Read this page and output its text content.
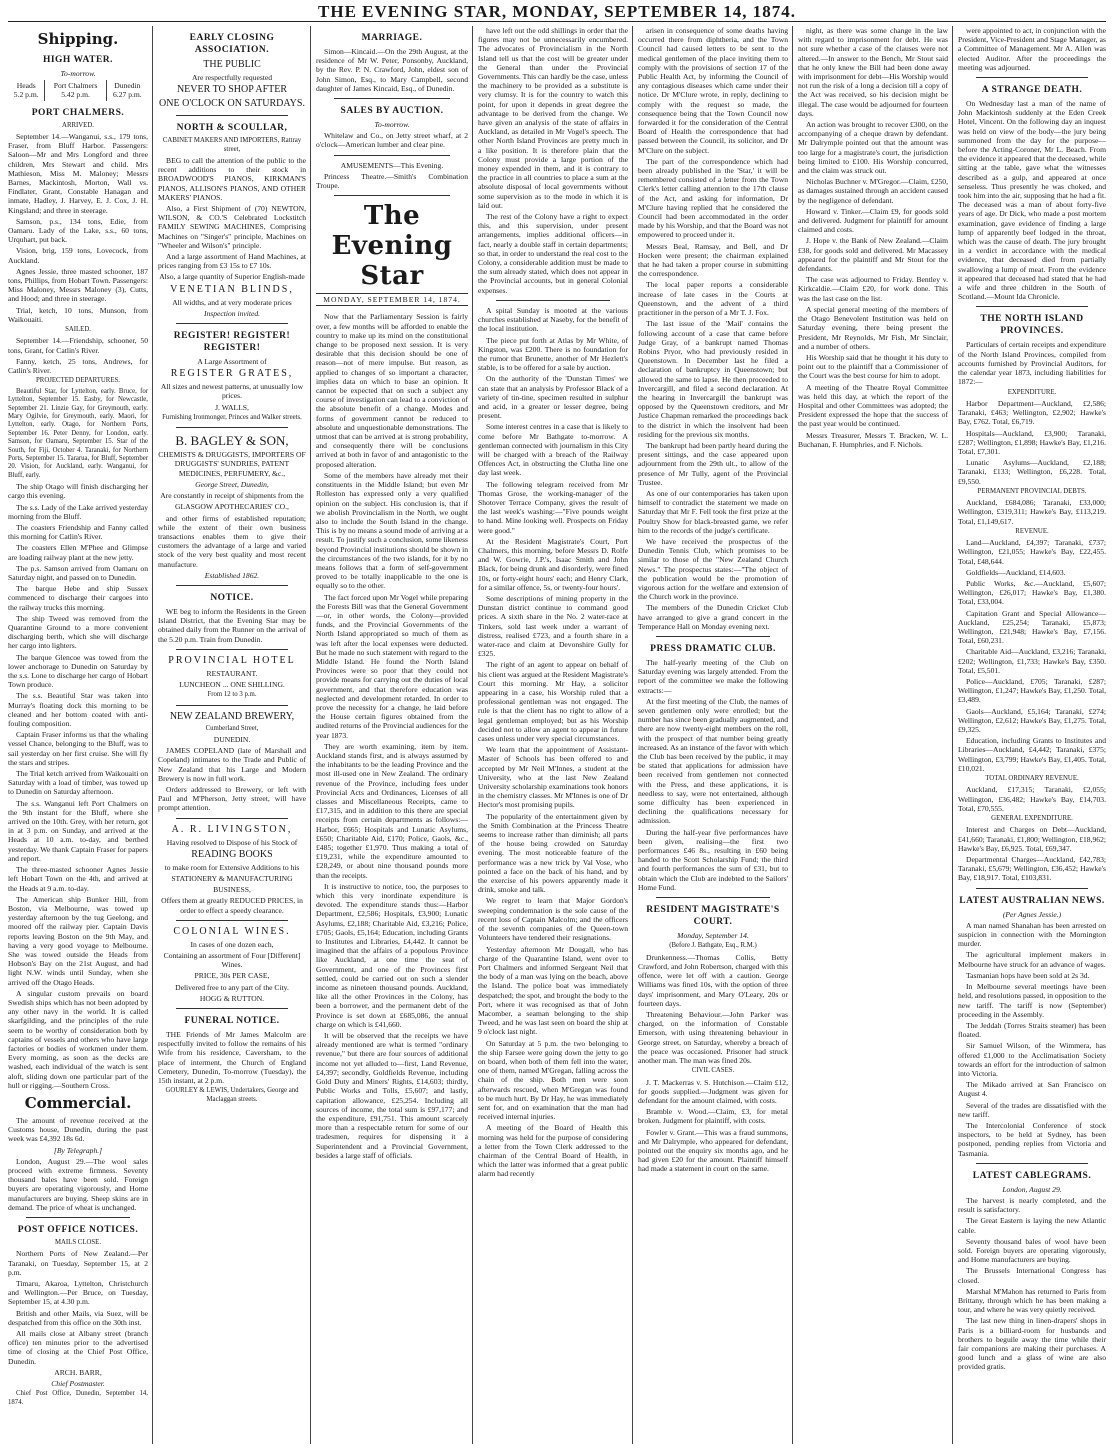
THE EVENING STAR, MONDAY, SEPTEMBER 14, 1874.

Shipping.

HIGH WATER.

To-morrow.

Heads
5.2 p.m.	Port Chalmers
5.42 p.m.	Dunedin
6.27 p.m.

PORT CHALMERS.

ARRIVED.

September 14.—Wanganui, s.s., 179 tons, Fraser, from Bluff Harbor. Passengers: Saloon—Mr and Mrs Longford and three children, Mrs Stewart and child. Mrs Mathieson, Miss M. Maloney; Messrs Barnes, Mackintosh, Morton, Wall vs. Findlater, Grant, Constable Hanagan and inmate, Hadley, J. Harvey, E. J. Cox, J. H. Kingsland; and three in steerage.

Samson, p.s., 134 tons, Edie, from Oamaru. Lady of the Lake, s.s., 60 tons, Urquhart, put back.

Vision, brig, 159 tons, Lovecock, from Auckland.

Agnes Jessie, three masted schooner, 187 tons, Phillips, from Hobart Town. Passengers: Miss Maloney, Messrs Maloney (3), Cutts, and Hood; and three in steerage.

Trial, ketch, 10 tons, Munson, from Waikouaiti.

SAILED.

September 14.—Friendship, schooner, 50 tons, Grant, for Catlin's River.

Fanny, ketch, 25 tons, Andrews, for Catlin's River.

PROJECTED DEPARTURES.

Beautiful Star, for Lyttelton, early. Bruce, for Lyttelton, September 15. Easby, for Newcastle, September 21. Linzie Gay, for Greymouth, early. Mary Ogilvie, for Greymouth, early. Maori, for Lyttelton, early. Otago, for Northern Ports, September 16. Peter Denny, for London, early. Samson, for Oamaru, September 15. Star of the South, for Fiji, October 4. Taranaki, for Northern Ports, September 15. Tararua, for Bluff, September 20. Vision, for Auckland, early. Wanganui, for Bluff, early.

The ship Otago will finish discharging her cargo this evening.

The s.s. Lady of the Lake arrived yesterday morning from the Bluff.

The coasters Friendship and Fanny called this morning for Catlin's River.

The coasters Ellen M'Phee and Glimpse are loading railway plant at the new jetty.

The p.s. Samson arrived from Oamaru on Saturday night, and passed on to Dunedin.

The barque Hebe and ship Sussex commenced to discharge their cargoes into the railway trucks this morning.

The ship Tweed was removed from the Quarantine Ground to a more convenient discharging berth, which she will discharge her cargo into lighters.

The barque Glencoe was towed from the lower anchorage to Dunedin on Saturday by the s.s. Lone to discharge her cargo of Hobart Town produce.

The s.s. Beautiful Star was taken into Murray's floating dock this morning to be cleaned and her bottom coated with anti-fouling composition.

Captain Fraser informs us that the whaling vessel Chance, belonging to the Bluff, was to sail yesterday on her first cruise. She will fly the stars and stripes.

The Trial ketch arrived from Waikouaiti on Saturday with a load of timber, was towed up to Dunedin on Saturday afternoon.

The s.s. Wanganui left Port Chalmers on the 9th instant for the Bluff, where she arrived on the 10th. Grey, with her return, got in at 3 p.m. on Sunday, and arrived at the Heads at 10 a.m. to-day, and berthed yesterday. We thank Captain Fraser for papers and report.

The three-masted schooner Agnes Jessie left Hobart Town on the 4th, and arrived at the Heads at 9 a.m. to-day.

The American ship Bunker Hill, from Boston, via Melbourne, was towed up yesterday afternoon by the tug Geelong, and moored off the railway pier. Captain Davis reports leaving Boston on the 9th May, and having a very good voyage to Melbourne. She was towed outside the Heads from Hobson's Bay on the 21st August, and had light N.W. winds until Sunday, when she arrived off the Otago Heads.

A singular custom prevails on board Swedish ships which has not been adopted by any other navy in the world. It is called skarfgilding, and the principles of the rule seem to be worthy of consideration both by captains of vessels and others who have large factories or bodies of workmen under them. Every morning, as soon as the decks are washed, each individual of the watch is sent aloft, sliding down one particular part of the hull or rigging.—Southern Cross.

Commercial.

The amount of revenue received at the Customs house, Dunedin, during the past week was £4,392 18s 6d.

[By Telegraph.]

London, August 29.—The wool sales proceed with extreme firmness. Seventy thousand bales have been sold. Foreign buyers are operating vigorously, and Home manufacturers are buying. Sheep skins are in demand. The price of wheat is unchanged.

POST OFFICE NOTICES.

MAILS CLOSE.

Northern Ports of New Zealand.—Per Taranaki, on Tuesday, September 15, at 2 p.m.

Timaru, Akaroa, Lyttelton, Christchurch and Wellington.—Per Bruce, on Tuesday, September 15, at 4.30 p.m.

British and other Mails, via Suez, will be despatched from this office on the 30th inst.

All mails close at Albany street (branch office) ten minutes prior to the advertised time of closing at the Chief Post Office, Dunedin.

ARCH. BARR,

Chief Postmaster.

Chief Post Office, Dunedin, September 14, 1874.

EARLY CLOSING ASSOCIATION.

THE PUBLIC

Are respectfully requested

NEVER TO SHOP AFTER

ONE O'CLOCK ON SATURDAYS.

NORTH & SCOULLAR,

CABINET MAKERS AND IMPORTERS, Rattray street,

BEG to call the attention of the public to the recent additions to their stock in BROADWOOD'S PIANOS, KIRKMAN'S PIANOS, ALLISON'S PIANOS, AND OTHER MAKERS' PIANOS.

Also, a First Shipment of (70) NEWTON, WILSON, & CO.'S Celebrated Lockstitch FAMILY SEWING MACHINES, Comprising Machines on "Singer's" principle, Machines on "Wheeler and Wilson's" principle.

And a large assortment of Hand Machines, at prices ranging from £3 15s to £7 10s.

Also, a large quantity of Superior English-made

VENETIAN BLINDS,

All widths, and at very moderate prices

Inspection invited.

REGISTER! REGISTER! REGISTER!

A Large Assortment of

REGISTER GRATES,

All sizes and newest patterns, at unusually low prices.

J. WALLS,

Furnishing Ironmonger, Princes and Walker streets.

B. BAGLEY & SON,

CHEMISTS & DRUGGISTS, IMPORTERS OF DRUGGISTS' SUNDRIES, PATENT MEDICINES, PERFUMERY, &c.,

George Street, Dunedin,

Are constantly in receipt of shipments from the

GLASGOW APOTHECARIES' CO.,

and other firms of established reputation; while the extent of their own business transactions enables them to give their customers the advantage of a large and varied stock of the very best quality and most recent manufacture.

Established 1862.

NOTICE.

WE beg to inform the Residents in the Green Island District, that the Evening Star may be obtained daily from the Runner on the arrival of the 5.20 p.m. Train from Dunedin.

PROVINCIAL HOTEL

RESTAURANT.

LUNCHEON ... ONE SHILLING.

From 12 to 3 p.m.

NEW ZEALAND BREWERY,

Cumberland Street,

DUNEDIN.

JAMES COPELAND (late of Marshall and Copeland) intimates to the Trade and Public of New Zealand that his Large and Modern Brewery is now in full work.

Orders addressed to Brewery, or left with Paul and M'Pherson, Jetty street, will have prompt attention.

A. R. LIVINGSTON,

Having resolved to Dispose of his Stock of

READING BOOKS

to make room for Extensive Additions to his

STATIONERY & MANUFACTURING

BUSINESS,

Offers them at greatly REDUCED PRICES, in order to effect a speedy clearance.

COLONIAL WINES.

In cases of one dozen each,

Containing an assortment of Four [Different] Wines.

PRICE, 30s PER CASE,

Delivered free to any part of the City.

HOGG & RUTTON.

FUNERAL NOTICE.

THE Friends of Mr James Malcolm are respectfully invited to follow the remains of his Wife from his residence, Caversham, to the place of interment, the Church of England Cemetery, Dunedin, To-morrow (Tuesday), the 15th instant, at 2 p.m.

GOURLEY & LEWIS, Undertakers, George and Maclaggan streets.

MARRIAGE.

Simon—Kincaid.—On the 29th August, at the residence of Mr W. Peter, Ponsonby, Auckland, by the Rev. P. N. Crawford, John, eldest son of John Simon, Esq., to Mary Campbell, second daughter of James Kincaid, Esq., of Dunedin.

SALES BY AUCTION.

To-morrow.

Whitelaw and Co., on Jetty street wharf, at 2 o'clock—American lumber and clear pine.

AMUSEMENTS—This Evening.

Princess Theatre.—Smith's Combination Troupe.

The Evening Star
MONDAY, SEPTEMBER 14, 1874.

Now that the Parliamentary Session is fairly over, a few months will be afforded to enable the country to make up its mind on the constitutional change to be proposed next session. It is very desirable that this decision should be one of reason—not of mere impulse. But reason, as applied to changes of so important a character, implies data on which to base an opinion. It cannot be expected that on such a subject any course of investigation can lead to a conviction of the absolute benefit of a change. Modes and forms of government cannot be reduced to absolute and unquestionable demonstrations. The utmost that can be arrived at is strong probability, and consequently there will be conclusions arrived at both in favor of and antagonistic to the proposed alteration.

Some of the members have already met their constituents in the Middle Island; but even Mr Rolleston has expressed only a very qualified opinion on the subject. His conclusion is, that if we abolish Provincialism in the North, we ought also to include the South Island in the change. This is by no means a sound mode of arriving at a result. To justify such a conclusion, some likeness beyond Provincial institutions should be shown in the circumstances of the two islands, for it by no means follows that a form of self-government proved to be totally inapplicable to the one is equally so to the other.

The fact forced upon Mr Vogel while preparing the Forests Bill was that the General Government—or, in other words, the Colony—provided funds, and the Provincial Governments of the North Island appropriated so much of them as was left after the local expenses were deducted. But he made no such statement with regard to the Middle Island. He found the North Island Provinces were so poor that they could not provide means for carrying out the duties of local government, and that therefore education was neglected and development retarded. In order to prove the necessity for a change, he laid before the House certain figures obtained from the audited returns of the Provincial audiences for the year 1873.

They are worth examining, item by item. Auckland stands first, and is always assumed by the inhabitants to be the leading Province and the most ill-used one in New Zealand. The ordinary revenue of the Province, including fees under Provincial Acts and Ordinances, Licenses of all classes and Miscellaneous Receipts, came to £17,315, and in addition to this there are special receipts from certain departments as follows:—Harbor, £665; Hospitals and Lunatic Asylums, £650; Charitable Aid, £170; Police, Gaols, &c., £485; together £1,970. Thus making a total of £19,231, while the expenditure amounted to £28,249, or about nine thousand pounds more than the receipts.

It is instructive to notice, too, the purposes to which this very inordinate expenditure is devoted. The expenditure stands thus:—Harbor Department, £2,586; Hospitals, £3,900; Lunatic Asylums, £2,188; Charitable Aid, £3,216; Police, £705; Gaols, £5,164; Education, including Grants to Institutes and Libraries, £4,442. It cannot be imagined that the affairs of a populous Province like Auckland, at one time the seat of Government, and one of the Provinces first settled, could be carried out on such a slender income as nineteen thousand pounds. Auckland, like all the other Provinces in the Colony, has been a borrower, and the permanent debt of the Province is set down at £685,086, the annual charge on which is £41,660.

It will be observed that the receipts we have already mentioned are what is termed "ordinary revenue," but there are four sources of additional income not yet alluded to—first, Land Revenue, £4,397; secondly, Goldfields Revenue, including Gold Duty and Miners' Rights, £14,603; thirdly, Public Works and Tolls, £5,607; and lastly, capitation allowance, £25,254. Including all sources of income, the total sum is £97,177; and the expenditure, £91,751. This amount scarcely more than a respectable return for some of our tradesmen, requires for dispensing it a Superintendent and a Provincial Government, besides a large staff of officials.

have left out the odd shillings in order that the figures may not be unnecessarily encumbered. The advocates of Provincialism in the North Island tell us that the cost will be greater under the General than under the Provincial Governments. This can hardly be the case, unless the machinery to be provided as a substitute is very clumsy. It is for the country to watch this point, for upon it depends in great degree the advantage to be derived from the change. We have given an analysis of the state of affairs in Auckland, as detailed in Mr Vogel's speech. The other North Island Provinces are pretty much in a like position. It is therefore plain that the Colony must provide a large portion of the money expended in them, and it is contrary to the practice in all countries to place a sum at the absolute disposal of local governments without some supervision as to the mode in which it is laid out.

The rest of the Colony have a right to expect this, and this supervision, under present arrangements, implies additional officers—in fact, nearly a double staff in certain departments; so that, in order to understand the real cost to the Colony, a considerable addition must be made to the sum already stated, which does not appear in the Provincial accounts, but in general Colonial expenses.

A spital Sunday is mooted at the various churches established at Naseby, for the benefit of the local institution.

The piece put forth at Atlas by Mr White, of Kingston, was £200. There is no foundation for the rumor that Brunette, another of Mr Hezlett's stable, is to be offered for a sale by auction.

On the authority of the 'Dunstan Times' we can state that an analysis by Professor Black of a variety of tin-tine, specimen resulted in sulphur and acid, in a greater or lesser degree, being present.

Some interest centres in a case that is likely to come before Mr Bathgate to-morrow. A gentleman connected with journalism in this City will be charged with a breach of the Railway Offences Act, in obstructing the Clutha line one day last week.

The following telegram received from Mr Thomas Grose, the working-manager of the Shotover Terrace Company, gives the result of the last week's washing:—"Five pounds weight to hand. Mine looking well. Prospects on Friday were good."

At the Resident Magistrate's Court, Port Chalmers, this morning, before Messrs D. Rolfe and W. Gowrie, J.P.'s, Isaac Smith and John Black, for being drunk and disorderly, were fined 10s, or forty-eight hours' each; and Henry Clark, for a similar offence, 5s, or twenty-four hours'.

Some descriptions of mining property in the Dunstan district continue to command good prices. A sixth share in the No. 2 water-race at Tinkers, sold last week under a warrant of distress, realised £723, and a fourth share in a water-race and claim at Devonshire Gully for £325.

The right of an agent to appear on behalf of his client was argued at the Resident Magistrate's Court this morning. Mr Hay, a solicitor appearing in a case, his Worship ruled that a professional gentleman was not engaged. The rule is that the client has no right to allow of a legal gentleman employed; but as his Worship decided not to allow an agent to appear in future cases unless under very special circumstances.

We learn that the appointment of Assistant-Master of Schools has been offered to and accepted by Mr Neil M'Innes, a student at the University, who at the last New Zealand University scholarship examinations took honors in the chemistry classes. Mr M'Innes is one of Dr Hector's most promising pupils.

The popularity of the entertainment given by the Smith Combination at the Princess Theatre seems to increase rather than diminish; all parts of the house being crowded on Saturday evening. The most noticeable feature of the performance was a new trick by Val Vose, who pointed a face on the back of his hand, and by the exercise of his powers apparently made it drink, smoke and talk.

We regret to learn that Major Gordon's sweeping condemnation is the sole cause of the recent loss of Captain Malcolm; and the officers of the seventh companies of the Queen-town Volunteers have tendered their resignations.

Yesterday afternoon Mr Dougall, who has charge of the Quarantine Island, went over to Port Chalmers and informed Sergeant Neil that the body of a man was lying on the beach, above the Island. The police boat was immediately despatched; the spot, and brought the body to the Port, where it was recognised as that of John Macomber, a seaman belonging to the ship Tweed, and he was last seen on board the ship at 9 o'clock last night.

On Saturday at 5 p.m. the two belonging to the ship Farsee were going down the jetty to go on board, when both of them fell into the water, one of them, named M'Gregan, falling across the chain of the ship. Both men were soon afterwards rescued, when M'Gregan was found to be much hurt. By Dr Hay, he was immediately sent for, and on examination that the man had received internal injuries.

A meeting of the Board of Health this morning was held for the purpose of considering a letter from the Town Clerk addressed to the chairman of the Central Board of Health, in which the latter was informed that a great public alarm had recently

arisen in consequence of some deaths having occurred there from diphtheria, and the Town Council had caused letters to be sent to the medical gentlemen of the place inviting them to comply with the provisions of section 17 of the Public Health Act, by informing the Council of any contagious diseases which came under their notice. Dr M'Clure wrote, in reply, declining to comply with the request so made, the consequence being that the Town Council now forwarded it for the consideration of the Central Board of Health the correspondence that had passed between the Council, its solicitor, and Dr M'Clure on the subject.

The part of the correspondence which had been already published in the 'Star,' it will be remembered consisted of a letter from the Town Clerk's letter calling attention to the 17th clause of the Act, and asking for information, Dr M'Clure having replied that he considered the Council had been accommodated in the order made by his Worship, and that the Board was not empowered to proceed under it.

Messrs Beal, Ramsay, and Bell, and Dr Hocken were present; the chairman explained that he had taken a proper course in submitting the correspondence.

The local paper reports a considerable increase of late cases in the Courts at Queenstown, and the advent of a third practitioner in the person of a Mr T. J. Fox.

The last issue of the 'Mail' contains the following account of a case that came before Judge Gray, of a bankrupt named Thomas Robins Pryor, who had previously resided in Queenstown. In December last he filed a declaration of bankruptcy in Queenstown; but allowed the same to lapse. He then proceeded to Invercargill, and filed a second declaration. At the hearing in Invercargill the bankrupt was opposed by the Queenstown creditors, and Mr Justice Chapman remarked the proceedings back to the district in which the insolvent had been residing for the previous six months.

The bankrupt had been partly heard during the present sittings, and the case appeared upon adjournment from the 29th ult., to allow of the presence of Mr Tully, agent of the Provincial Trustee.

As one of our contemporaries has taken upon himself to contradict the statement we made on Saturday that Mr F. Fell took the first prize at the Poultry Show for black-breasted game, we refer him to the records of the judge's certificate.

We have received the prospectus of the Dunedin Tennis Club, which promises to be similar to those of the "New Zealand Church News." The prospectus states:—"The object of the publication would be the promotion of vigorous action for the welfare and extension of the Church work in the province.

The members of the Dunedin Cricket Club have arranged to give a grand concert in the Temperance Hall on Monday evening next.

PRESS DRAMATIC CLUB.

The half-yearly meeting of the Club on Saturday evening was largely attended. From the report of the committee we make the following extracts:—

At the first meeting of the Club, the names of seven gentlemen only were enrolled; but the number has since been gradually augmented, and there are now twenty-eight members on the roll, with the prospect of that number being greatly increased. As an instance of the favor with which the Club has been received by the public, it may be stated that applications for admission have been received from gentlemen not connected with the Press, and these applications, it is needless to say, were not entertained, although some difficulty has been experienced in declining the qualifications necessary for admission.

During the half-year five performances have been given, realising—the first two performances £46 8s., resulting in £60 being handed to the Scott Scholarship Fund; the third and fourth performances the sum of £31, but to obtain which the Club are indebted to the Sailors' Home Fund.

RESIDENT MAGISTRATE'S COURT.

Monday, September 14.

(Before J. Bathgate, Esq., R.M.)

Drunkenness.—Thomas Collis, Betty Crawford, and John Robertson, charged with this offence, were let off with a caution. George Williams was fined 10s, with the option of three days' imprisonment, and Mary O'Leary, 20s or fourteen days.

Threatening Behaviour.—John Parker was charged, on the information of Constable Emerson, with using threatening behaviour in George street, on Saturday, whereby a breach of the peace was occasioned. Prisoner had struck another man. The man was fined 20s.

CIVIL CASES.

J. T. Mackerras v. S. Hutchison.—Claim £12, for goods supplied.—Judgment was given for defendant for the amount claimed, with costs.

Bramble v. Wood.—Claim, £3, for metal broken. Judgment for plaintiff, with costs.

Fowler v. Grant.—This was a fraud summons, and Mr Dalrymple, who appeared for defendant, pointed out the enquiry six months ago, and he had given £20 for the amount. Plaintiff himself had made a statement in court on the same.

night, as there was some change in the law with regard to imprisonment for debt. He was not sure whether a case of the clauses were not altered.—In answer to the Bench, Mr Stout said that he only knew the Bill had been done away with imprisonment for debt—His Worship would not run the risk of a long a decision till a copy of the Act was received, so his decision might be illegal. The case would be adjourned for fourteen days.

An action was brought to recover £300, on the accompanying of a cheque drawn by defendant. Mr Dalrymple pointed out that the amount was too large for a magistrate's court, the jurisdiction being limited to £100. His Worship concurred, and the claim was struck out.

Nicholas Buchner v. M'Gregor.—Claim, £250, as damages sustained through an accident caused by the negligence of defendant.

Howard v. Tinker.—Claim £9, for goods sold and delivered. Judgment for plaintiff for amount claimed and costs.

J. Hope v. the Bank of New Zealand.—Claim £38, for goods sold and delivered. Mr Macassey appeared for the plaintiff and Mr Stout for the defendants.

The case was adjourned to Friday. Bentley v. Kirkcaldie.—Claim £20, for work done. This was the last case on the list.

A special general meeting of the members of the Otago Benevolent Institution was held on Saturday evening, there being present the President, Mr Reynolds, Mr Fish, Mr Sinclair, and a number of others.

His Worship said that he thought it his duty to point out to the plaintiff that a Commissioner of the Court was the best course for him to adopt.

A meeting of the Theatre Royal Committee was held this day, at which the report of the Hospital and other Committees was adopted; the President expressed the hope that the success of the past year would be continued.

Messrs Treasurer, Messrs T. Bracken, W. L. Buchanan, F. Humphries, and F. Nichols.

were appointed to act, in conjunction with the President, Vice-President and Stage Manager, as a Committee of Management. Mr A. Allen was elected Auditor. After the proceedings the meeting was adjourned.

A STRANGE DEATH.

On Wednesday last a man of the name of John Mackintosh suddenly at the Eden Creek Hotel, Vincent. On the following day an inquest was held on view of the body—the jury being summoned from the day for the purpose—before the Acting-Coroner, Mr L. Beach. From the evidence it appeared that the deceased, while sitting at the table, gave what the witnesses described as a gulp, and appeared at once senseless. Thus presently he was choked, and took him into the air, supposing that he had a fit. The deceased was a man of about forty-five years of age. Dr Dick, who made a post mortem examination, gave evidence of finding a large lump of apparently beef lodged in the throat, which was the cause of death. The jury brought in a verdict in accordance with the medical evidence, that deceased died from partially swallowing a lump of meat. From the evidence it appeared that deceased had stated that he had a wife and three children in the South of Scotland.—Mount Ida Chronicle.

THE NORTH ISLAND PROVINCES.

Particulars of certain receipts and expenditure of the North Island Provinces, compiled from accounts furnished by Provincial Auditors, for the calendar year 1873, including liabilities for 1872:—

EXPENDITURE.

Harbor Department—Auckland, £2,586; Taranaki, £463; Wellington, £2,902; Hawke's Bay, £762. Total, £6,719.

Hospitals—Auckland, £3,900; Taranaki, £287; Wellington, £1,898; Hawke's Bay, £1,216. Total, £7,301.

Lunatic Asylums—Auckland, £2,188; Taranaki, £133; Wellington, £6,228. Total, £9,550.

PERMANENT PROVINCIAL DEBTS.

Auckland, £684,086; Taranaki, £33,000; Wellington, £319,311; Hawke's Bay, £113,219. Total, £1,149,617.

REVENUE.

Land—Auckland, £4,397; Taranaki, £737; Wellington, £21,055; Hawke's Bay, £22,455. Total, £48,644.

Goldfields—Auckland, £14,603.

Public Works, &c.—Auckland, £5,607; Wellington, £26,017; Hawke's Bay, £1,380. Total, £33,004.

Capitation Grant and Special Allowance—Auckland, £25,254; Taranaki, £5,873; Wellington, £21,948; Hawke's Bay, £7,156. Total, £60,231.

Charitable Aid—Auckland, £3,216; Taranaki, £202; Wellington, £1,733; Hawke's Bay, £350. Total, £5,501.

Police—Auckland, £705; Taranaki, £287; Wellington, £1,247; Hawke's Bay, £1,250. Total, £3,489.

Gaols—Auckland, £5,164; Taranaki, £274; Wellington, £2,612; Hawke's Bay, £1,275. Total, £9,325.

Education, including Grants to Institutes and Libraries—Auckland, £4,442; Taranaki, £375; Wellington, £3,799; Hawke's Bay, £1,405. Total, £10,021.

TOTAL ORDINARY REVENUE.

Auckland, £17,315; Taranaki, £2,055; Wellington, £36,482; Hawke's Bay, £14,703. Total, £70,555.

GENERAL EXPENDITURE.

Interest and Charges on Debt—Auckland, £41,660; Taranaki, £1,800; Wellington, £18,962; Hawke's Bay, £6,925. Total, £69,347.

Departmental Charges—Auckland, £42,783; Taranaki, £5,679; Wellington, £36,452; Hawke's Bay, £18,917. Total, £103,831.

LATEST AUSTRALIAN NEWS.

(Per Agnes Jessie.)

A man named Shanahan has been arrested on suspicion in connection with the Mornington murder.

The agricultural implement makers in Melbourne have struck for an advance of wages.

Tasmanian hops have been sold at 2s 3d.

In Melbourne several meetings have been held, and resolutions passed, in opposition to the new tariff. The tariff is now (September) proceeding in the Assembly.

The Jeddah (Torres Straits steamer) has been floated.

Sir Samuel Wilson, of the Wimmera, has offered £1,000 to the Acclimatisation Society towards an effort for the introduction of salmon into Victoria.

The Mikado arrived at San Francisco on August 4.

Several of the trades are dissatisfied with the new tariff.

The Intercolonial Conference of stock inspectors, to be held at Sydney, has been postponed, pending replies from Victoria and Tasmania.

LATEST CABLEGRAMS.

London, August 29.

The harvest is nearly completed, and the result is satisfactory.

The Great Eastern is laying the new Atlantic cable.

Seventy thousand bales of wool have been sold. Foreign buyers are operating vigorously, and Home manufacturers are buying.

The Brussels International Congress has closed.

Marshal M'Mahon has returned to Paris from Brittany, through which he has been making a tour, and where he was very quietly received.

The last new thing in linen-drapers' shops in Paris is a billiard-room for husbands and brothers to beguile away the time while their fair companions are making their purchases. A good lunch and a glass of wine are also provided gratis.
